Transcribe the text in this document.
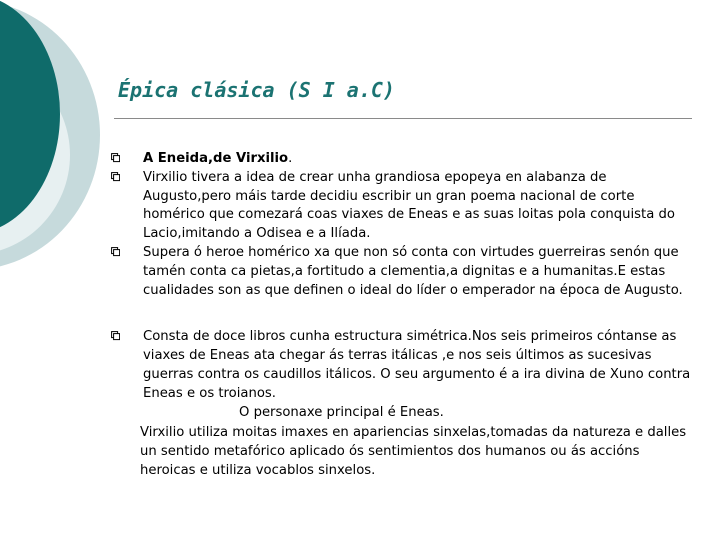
Épica clásica (S I a.C)
A Eneida,de Virxilio.
Virxilio tivera a idea de crear unha grandiosa epopeya en alabanza de Augusto,pero máis tarde decidiu escribir un gran poema nacional de corte homérico que comezará coas viaxes de Eneas e as suas loitas pola conquista do Lacio,imitando a Odisea e a Ilíada.
Supera ó heroe homérico xa que non só conta con virtudes guerreiras senón que tamén conta ca pietas,a fortitudo a clementia,a dignitas e a humanitas.E estas cualidades son as que definen o ideal do líder o emperador na época de Augusto.
Consta de doce libros cunha estructura simétrica.Nos seis primeiros cóntanse as viaxes de Eneas ata chegar ás terras itálicas ,e nos seis últimos as sucesivas guerras contra os caudillos itálicos. O seu argumento é a ira divina de Xuno contra Eneas e os troianos.
O personaxe principal é Eneas.

Virxilio utiliza moitas imaxes en apariencias sinxelas,tomadas da natureza e dalles un sentido metafórico aplicado ós sentimientos dos humanos ou ás accións heroicas e utiliza vocablos sinxelos.
